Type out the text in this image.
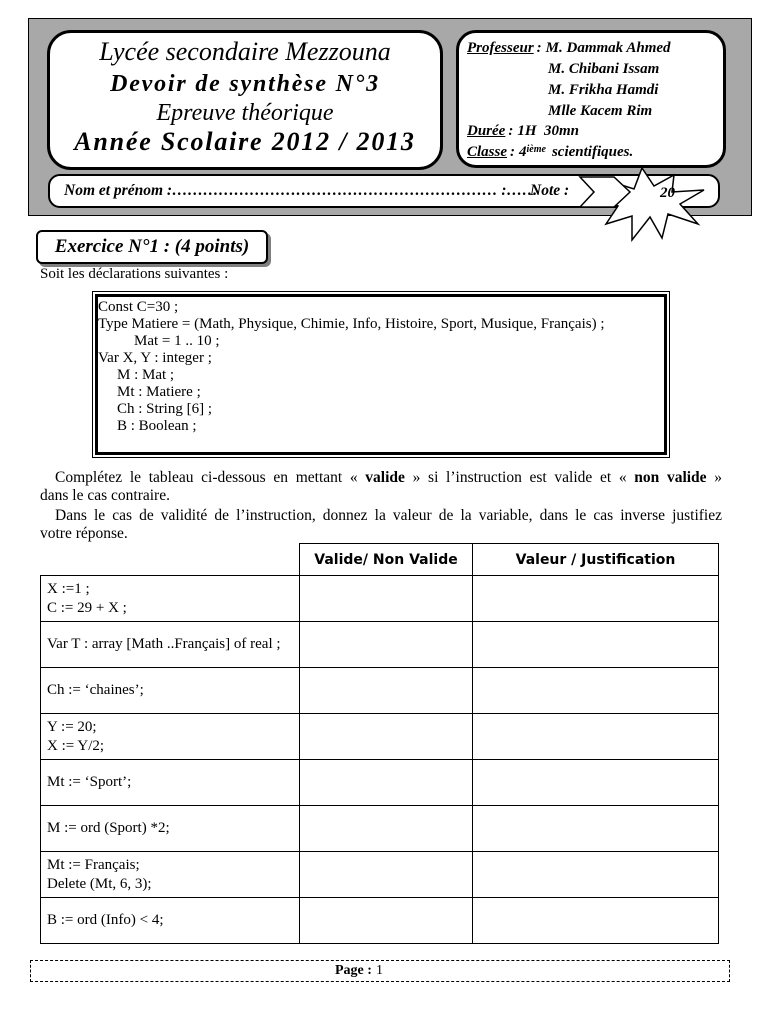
Lycée secondaire Mezzouna
Devoir de synthèse N°3
Epreuve théorique
Année Scolaire 2012 / 2013
Professeur : M. Dammak Ahmed
M. Chibani Issam
M. Frikha Hamdi
Mlle Kacem Rim
Durée : 1H  30mn
Classe : 4ième scientifiques.
Nom et prénom :……………………………………………………… :……
Note :	20
Exercice N°1 : (4 points)
Soit les déclarations suivantes :
Const C=30 ;
Type Matiere = (Math, Physique, Chimie, Info, Histoire, Sport, Musique, Français) ;
Mat = 1 .. 10 ;
Var X, Y : integer ;
M : Mat ;
Mt : Matiere ;
Ch : String [6] ;
B : Boolean ;
Complétez le tableau ci-dessous en mettant « valide » si l’instruction est valide et « non valide »
dans le cas contraire.
Dans le cas de validité de l’instruction, donnez la valeur de la variable, dans le cas inverse justifiez
votre réponse.
	Valide/ Non Valide	Valeur / Justification

X :=1 ;
C := 29 + X ;		

Var T : array [Math ..Français] of real ;		

Ch := ‘chaines’;		

Y := 20;
X := Y/2;		

Mt := ‘Sport’;		

M := ord (Sport) *2;		

Mt := Français;
Delete (Mt, 6, 3);		

B := ord (Info) < 4;		

Page : 1
